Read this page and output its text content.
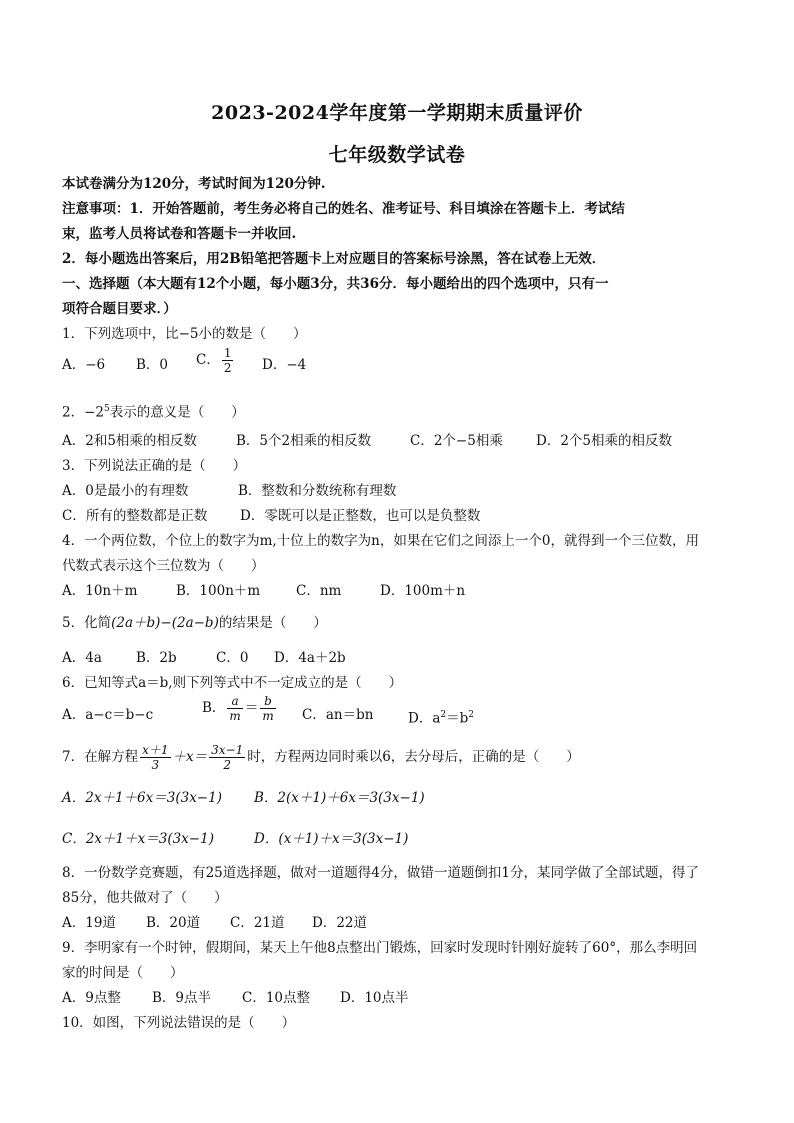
2023-2024学年度第一学期期末质量评价
七年级数学试卷
本试卷满分为120分，考试时间为120分钟.
注意事项：1．开始答题前，考生务必将自己的姓名、准考证号、科目填涂在答题卡上．考试结
束，监考人员将试卷和答题卡一并收回.
2．每小题选出答案后，用2B铅笔把答题卡上对应题目的答案标号涂黑，答在试卷上无效．
一、选择题（本大题有12个小题，每小题3分，共36分．每小题给出的四个选项中，只有一
项符合题目要求．）
1．下列选项中，比−5小的数是（　　）
A．−6 B．0 C． $\frac{1}{2}$ D．−4
2．$-2^5$表示的意义是（　　）
A．2和5相乘的相反数	B．5个2相乘的相反数	C．2个−5相乘 D．2个5相乘的相反数
3．下列说法正确的是（　　）
A．0是最小的有理数	B．整数和分数统称有理数
C．所有的整数都是正数 D．零既可以是正整数，也可以是负整数
4．一个两位数，个位上的数字为m,十位上的数字为n，如果在它们之间添上一个0，就得到一个三位数，用
代数式表示这个三位数为（　　）
A．10n＋m	B．100n＋m	C．nm	D．100m＋n
5．化简(2a＋b)−(2a−b)的结果是（　　）
A．4a	B．2b	C．0 D．4a＋2b
6．已知等式a＝b,则下列等式中不一定成立的是（　　）
A．a−c＝b−c	B． $\frac{a}{m} = \frac{b}{m}$ C．an＝bn	D．$a^2=b^2$
7．在解方程 $\frac{x+1}{3} +x= \frac{3x-1}{2}$ 时，方程两边同时乘以6，去分母后，正确的是（　　）
A．2x＋1＋6x＝3(3x−1) B．2(x＋1)＋6x＝3(3x−1)
C．2x＋1＋x＝3(3x−1)	D．(x＋1)＋x＝3(3x−1)
8．一份数学竞赛题，有25道选择题，做对一道题得4分，做错一道题倒扣1分，某同学做了全部试题，得了
85分，他共做对了（　　）
A．19道 B．20道 C．21道 D．22道
9．李明家有一个时钟，假期间，某天上午他8点整出门锻炼，回家时发现时针刚好旋转了60°，那么李明回
家的时间是（　　）
A．9点整 B．9点半 C．10点整 D．10点半
10．如图，下列说法错误的是（　　）
